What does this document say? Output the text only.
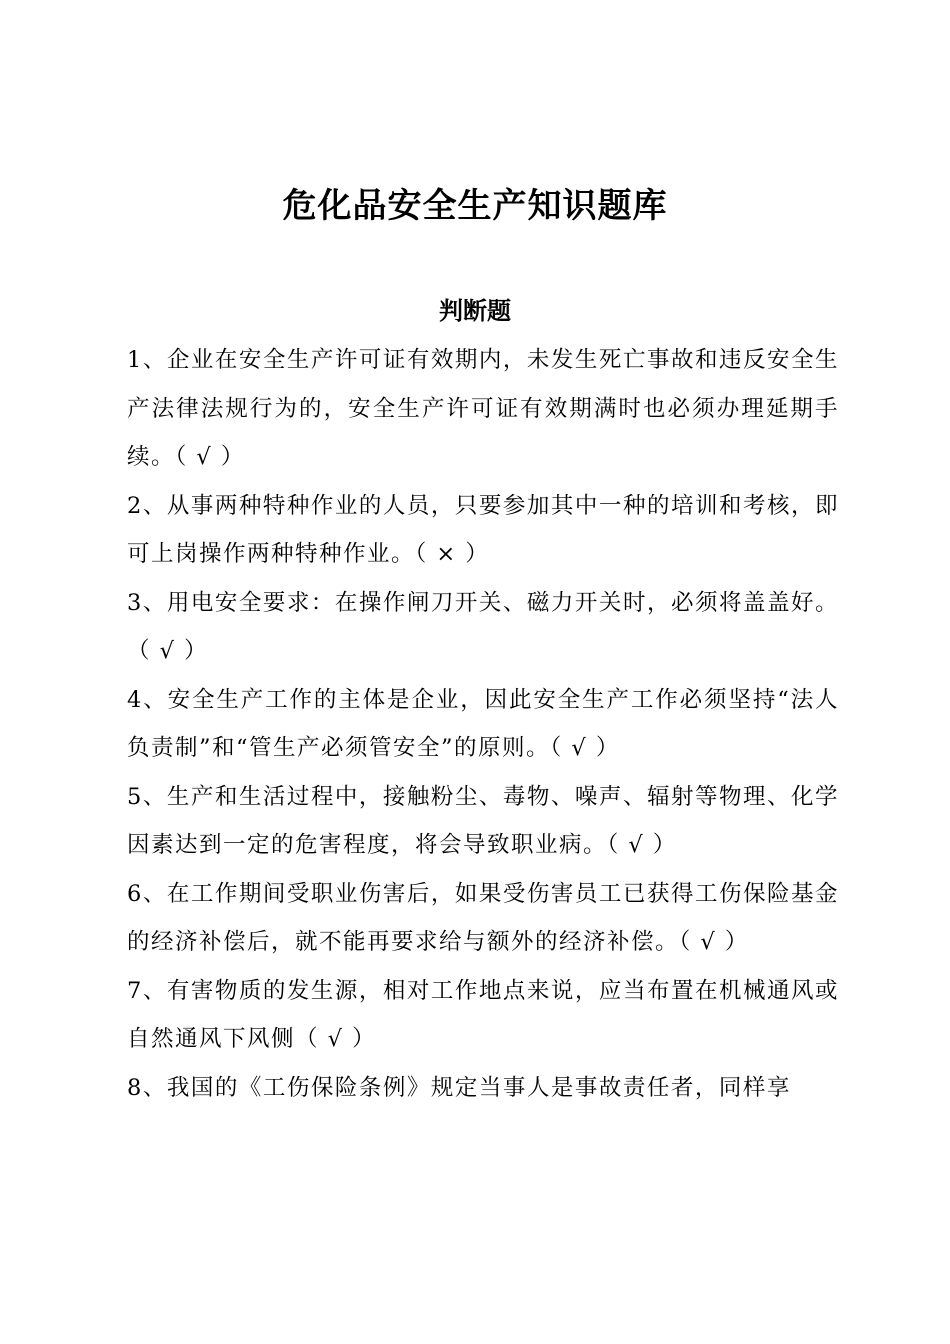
危化品安全生产知识题库
判断题

1、企业在安全生产许可证有效期内，未发生死亡事故和违反安全生产法律法规行为的，安全生产许可证有效期满时也必须办理延期手续。（ √ ）

2、从事两种特种作业的人员，只要参加其中一种的培训和考核，即可上岗操作两种特种作业。（ × ）

3、用电安全要求：在操作闸刀开关、磁力开关时，必须将盖盖好。（ √ ）

4、安全生产工作的主体是企业，因此安全生产工作必须坚持“法人负责制”和“管生产必须管安全”的原则。（ √ ）

5、生产和生活过程中，接触粉尘、毒物、噪声、辐射等物理、化学因素达到一定的危害程度，将会导致职业病。（ √ ）

6、在工作期间受职业伤害后，如果受伤害员工已获得工伤保险基金的经济补偿后，就不能再要求给与额外的经济补偿。（ √ ）

7、有害物质的发生源，相对工作地点来说，应当布置在机械通风或自然通风下风侧（ √ ）

8、我国的《工伤保险条例》规定当事人是事故责任者，同样享
